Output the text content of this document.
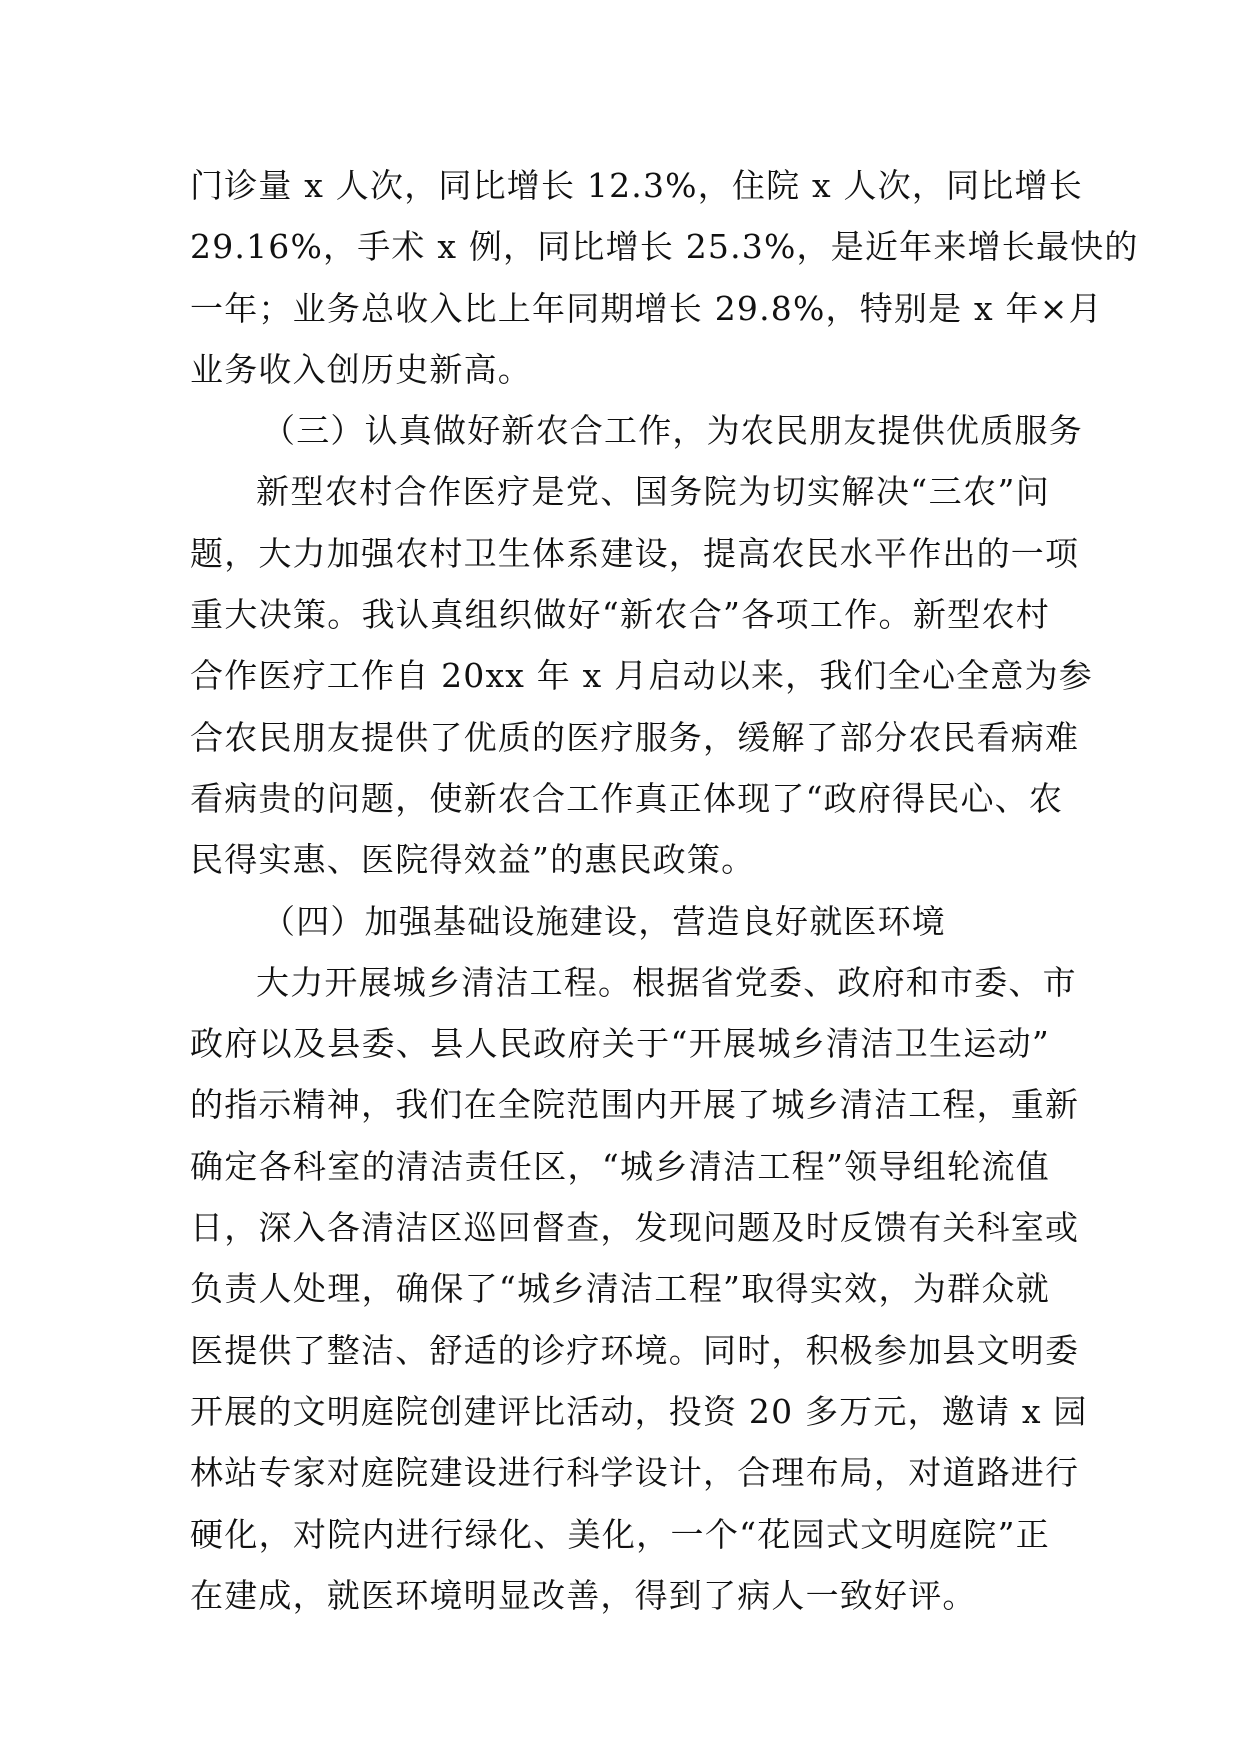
门诊量 x 人次，同比增长 12.3%，住院 x 人次，同比增长
29.16%，手术 x 例，同比增长 25.3%，是近年来增长最快的
一年；业务总收入比上年同期增长 29.8%，特别是 x 年×月
业务收入创历史新高。
（三）认真做好新农合工作，为农民朋友提供优质服务
新型农村合作医疗是党、国务院为切实解决“三农”问
题，大力加强农村卫生体系建设，提高农民水平作出的一项
重大决策。我认真组织做好“新农合”各项工作。新型农村
合作医疗工作自 20xx 年 x 月启动以来，我们全心全意为参
合农民朋友提供了优质的医疗服务，缓解了部分农民看病难
看病贵的问题，使新农合工作真正体现了“政府得民心、农
民得实惠、医院得效益”的惠民政策。
（四）加强基础设施建设，营造良好就医环境
大力开展城乡清洁工程。根据省党委、政府和市委、市
政府以及县委、县人民政府关于“开展城乡清洁卫生运动”
的指示精神，我们在全院范围内开展了城乡清洁工程，重新
确定各科室的清洁责任区，“城乡清洁工程”领导组轮流值
日，深入各清洁区巡回督查，发现问题及时反馈有关科室或
负责人处理，确保了“城乡清洁工程”取得实效，为群众就
医提供了整洁、舒适的诊疗环境。同时，积极参加县文明委
开展的文明庭院创建评比活动，投资 20 多万元，邀请 x 园
林站专家对庭院建设进行科学设计，合理布局，对道路进行
硬化，对院内进行绿化、美化，一个“花园式文明庭院”正
在建成，就医环境明显改善，得到了病人一致好评。
